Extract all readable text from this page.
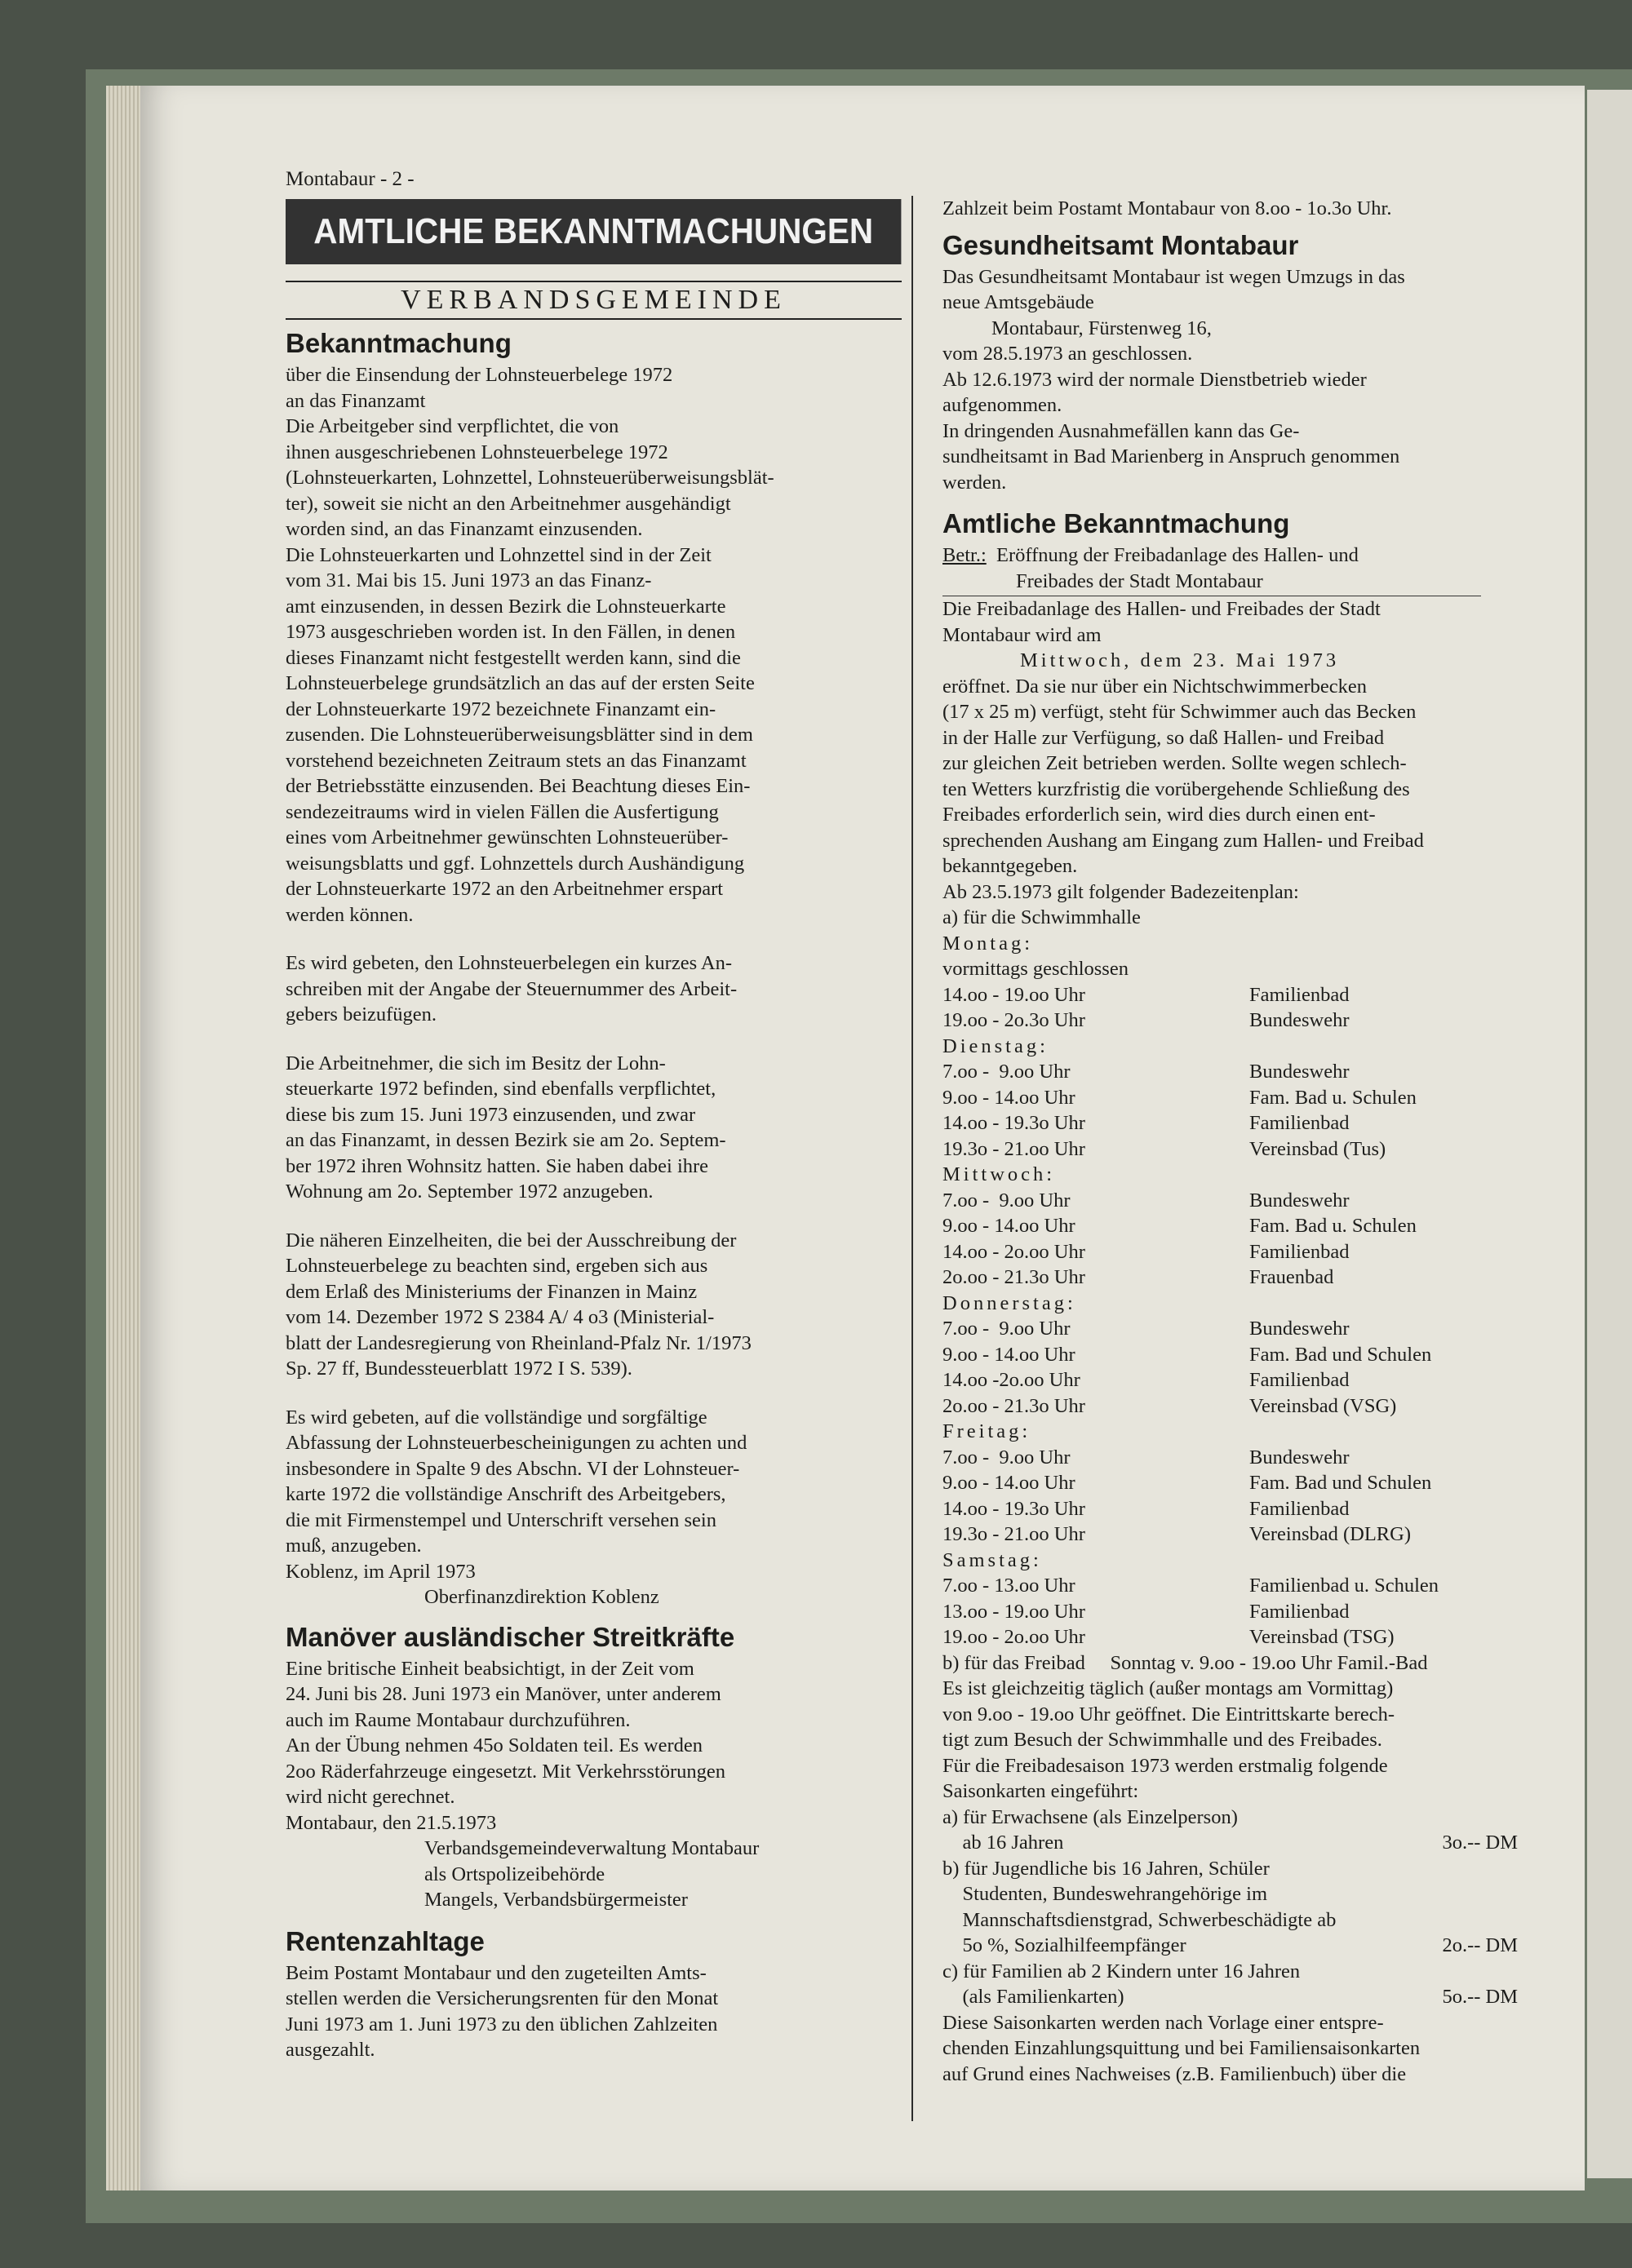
Montabaur - 2 -
AMTLICHE BEKANNTMACHUNGEN
VERBANDSGEMEINDE
Bekanntmachung
über die Einsendung der Lohnsteuerbelege 1972
an das Finanzamt
Die Arbeitgeber sind verpflichtet, die von
ihnen ausgeschriebenen Lohnsteuerbelege 1972
(Lohnsteuerkarten, Lohnzettel, Lohnsteuerüberweisungsblät-
ter), soweit sie nicht an den Arbeitnehmer ausgehändigt
worden sind, an das Finanzamt einzusenden.
Die Lohnsteuerkarten und Lohnzettel sind in der Zeit
vom 31. Mai bis 15. Juni 1973 an das Finanz-
amt einzusenden, in dessen Bezirk die Lohnsteuerkarte
1973 ausgeschrieben worden ist. In den Fällen, in denen
dieses Finanzamt nicht festgestellt werden kann, sind die
Lohnsteuerbelege grundsätzlich an das auf der ersten Seite
der Lohnsteuerkarte 1972 bezeichnete Finanzamt ein-
zusenden. Die Lohnsteuerüberweisungsblätter sind in dem
vorstehend bezeichneten Zeitraum stets an das Finanzamt
der Betriebsstätte einzusenden. Bei Beachtung dieses Ein-
sendezeitraums wird in vielen Fällen die Ausfertigung
eines vom Arbeitnehmer gewünschten Lohnsteuerüber-
weisungsblatts und ggf. Lohnzettels durch Aushändigung
der Lohnsteuerkarte 1972 an den Arbeitnehmer erspart
werden können.
Es wird gebeten, den Lohnsteuerbelegen ein kurzes An-
schreiben mit der Angabe der Steuernummer des Arbeit-
gebers beizufügen.
Die Arbeitnehmer, die sich im Besitz der Lohn-
steuerkarte 1972 befinden, sind ebenfalls verpflichtet,
diese bis zum 15. Juni 1973 einzusenden, und zwar
an das Finanzamt, in dessen Bezirk sie am 2o. Septem-
ber 1972 ihren Wohnsitz hatten. Sie haben dabei ihre
Wohnung am 2o. September 1972 anzugeben.
Die näheren Einzelheiten, die bei der Ausschreibung der
Lohnsteuerbelege zu beachten sind, ergeben sich aus
dem Erlaß des Ministeriums der Finanzen in Mainz
vom 14. Dezember 1972 S 2384 A/ 4 o3 (Ministerial-
blatt der Landesregierung von Rheinland-Pfalz Nr. 1/1973
Sp. 27 ff, Bundessteuerblatt 1972 I S. 539).
Es wird gebeten, auf die vollständige und sorgfältige
Abfassung der Lohnsteuerbescheinigungen zu achten und
insbesondere in Spalte 9 des Abschn. VI der Lohnsteuer-
karte 1972 die vollständige Anschrift des Arbeitgebers,
die mit Firmenstempel und Unterschrift versehen sein
muß, anzugeben.
Koblenz, im April 1973
Oberfinanzdirektion Koblenz
Manöver ausländischer Streitkräfte
Eine britische Einheit beabsichtigt, in der Zeit vom
24. Juni bis 28. Juni 1973 ein Manöver, unter anderem
auch im Raume Montabaur durchzuführen.
An der Übung nehmen 45o Soldaten teil. Es werden
2oo Räderfahrzeuge eingesetzt. Mit Verkehrsstörungen
wird nicht gerechnet.
Montabaur, den 21.5.1973
Verbandsgemeindeverwaltung Montabaur
als Ortspolizeibehörde
Mangels, Verbandsbürgermeister
Rentenzahltage
Beim Postamt Montabaur und den zugeteilten Amts-
stellen werden die Versicherungsrenten für den Monat
Juni 1973 am 1. Juni 1973 zu den üblichen Zahlzeiten
ausgezahlt.
Zahlzeit beim Postamt Montabaur von 8.oo - 1o.3o Uhr.
Gesundheitsamt Montabaur
Das Gesundheitsamt Montabaur ist wegen Umzugs in das
neue Amtsgebäude
Montabaur, Fürstenweg 16,
vom 28.5.1973 an geschlossen.
Ab 12.6.1973 wird der normale Dienstbetrieb wieder
aufgenommen.
In dringenden Ausnahmefällen kann das Ge-
sundheitsamt in Bad Marienberg in Anspruch genommen
werden.
Amtliche Bekanntmachung
Betr.: Eröffnung der Freibadanlage des Hallen- und
Freibades der Stadt Montabaur
Die Freibadanlage des Hallen- und Freibades der Stadt
Montabaur wird am
Mittwoch, dem 23. Mai 1973
eröffnet. Da sie nur über ein Nichtschwimmerbecken
(17 x 25 m) verfügt, steht für Schwimmer auch das Becken
in der Halle zur Verfügung, so daß Hallen- und Freibad
zur gleichen Zeit betrieben werden. Sollte wegen schlech-
ten Wetters kurzfristig die vorübergehende Schließung des
Freibades erforderlich sein, wird dies durch einen ent-
sprechenden Aushang am Eingang zum Hallen- und Freibad
bekanntgegeben.
Ab 23.5.1973 gilt folgender Badezeitenplan:
a) für die Schwimmhalle
Montag:	
vormittags geschlossen	
14.oo - 19.oo Uhr	Familienbad
19.oo - 2o.3o Uhr	Bundeswehr
Dienstag:	
7.oo -  9.oo Uhr	Bundeswehr
9.oo - 14.oo Uhr	Fam. Bad u. Schulen
14.oo - 19.3o Uhr	Familienbad
19.3o - 21.oo Uhr	Vereinsbad (Tus)
Mittwoch:	
7.oo -  9.oo Uhr	Bundeswehr
9.oo - 14.oo Uhr	Fam. Bad u. Schulen
14.oo - 2o.oo Uhr	Familienbad
2o.oo - 21.3o Uhr	Frauenbad
Donnerstag:	
7.oo -  9.oo Uhr	Bundeswehr
9.oo - 14.oo Uhr	Fam. Bad und Schulen
14.oo -2o.oo Uhr	Familienbad
2o.oo - 21.3o Uhr	Vereinsbad (VSG)
Freitag:	
7.oo -  9.oo Uhr	Bundeswehr
9.oo - 14.oo Uhr	Fam. Bad und Schulen
14.oo - 19.3o Uhr	Familienbad
19.3o - 21.oo Uhr	Vereinsbad (DLRG)
Samstag:	
7.oo - 13.oo Uhr	Familienbad u. Schulen
13.oo - 19.oo Uhr	Familienbad
19.oo - 2o.oo Uhr	Vereinsbad (TSG)
b) für das Freibad Sonntag v. 9.oo - 19.oo Uhr Famil.-Bad
Es ist gleichzeitig täglich (außer montags am Vormittag)
von 9.oo - 19.oo Uhr geöffnet. Die Eintrittskarte berech-
tigt zum Besuch der Schwimmhalle und des Freibades.
Für die Freibadesaison 1973 werden erstmalig folgende
Saisonkarten eingeführt:
a) für Erwachsene (als Einzelperson)	
ab 16 Jahren	3o.-- DM
b) für Jugendliche bis 16 Jahren, Schüler	
Studenten, Bundeswehrangehörige im	
Mannschaftsdienstgrad, Schwerbeschädigte ab	
5o %, Sozialhilfeempfänger	2o.-- DM
c) für Familien ab 2 Kindern unter 16 Jahren	
(als Familienkarten)	5o.-- DM
Diese Saisonkarten werden nach Vorlage einer entspre-
chenden Einzahlungsquittung und bei Familiensaisonkarten
auf Grund eines Nachweises (z.B. Familienbuch) über die
